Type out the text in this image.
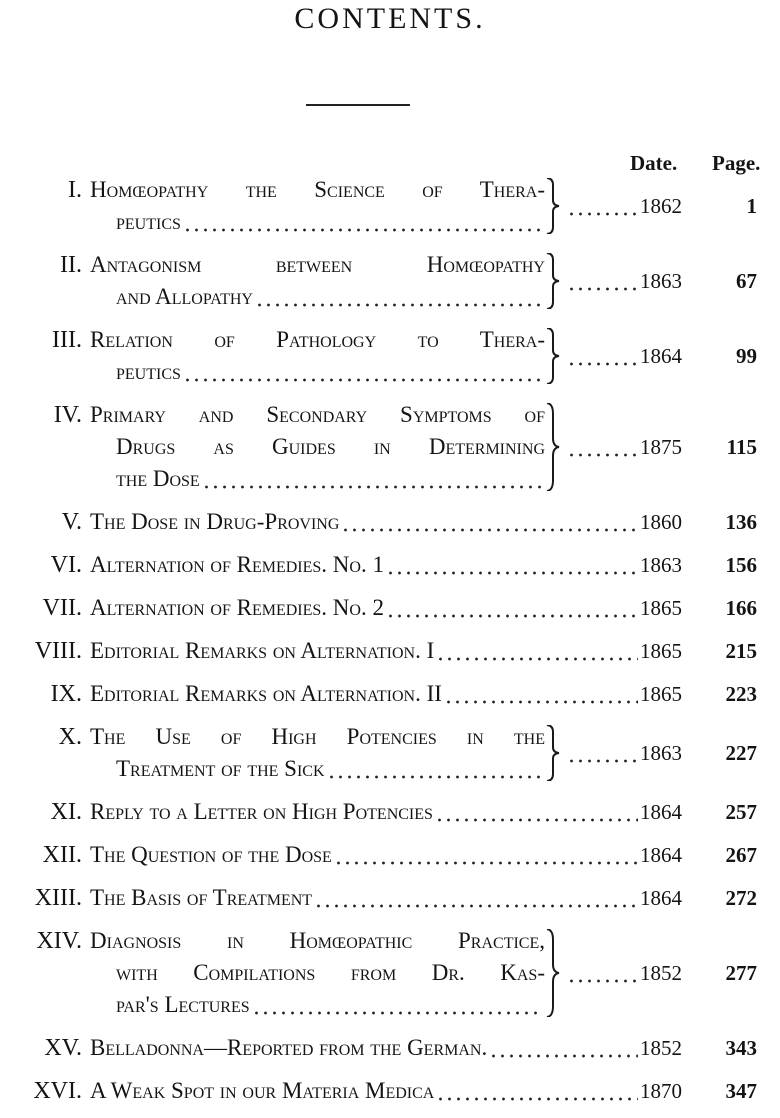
CONTENTS.
Date. Page.
I. Homœopathy the Science of Thera-
peutics
1862	1
II. Antagonism between Homœopathy
and Allopathy
1863	67
III. Relation of Pathology to Thera-
peutics
1864	99
IV. Primary and Secondary Symptoms of
Drugs as Guides in Determining
the Dose
1875	115
V. The Dose in Drug-Proving	1860	136
VI. Alternation of Remedies. No. 1	1863	156
VII. Alternation of Remedies. No. 2	1865	166
VIII. Editorial Remarks on Alternation. I	1865	215
IX. Editorial Remarks on Alternation. II	1865	223
X. The Use of High Potencies in the
Treatment of the Sick
1863	227
XI. Reply to a Letter on High Potencies	1864	257
XII. The Question of the Dose	1864	267
XIII. The Basis of Treatment	1864	272
XIV. Diagnosis in Homœopathic Practice,
with Compilations from Dr. Kas-
par's Lectures
1852	277
XV. Belladonna—Reported from the German.	1852	343
XVI. A Weak Spot in our Materia Medica	1870	347
